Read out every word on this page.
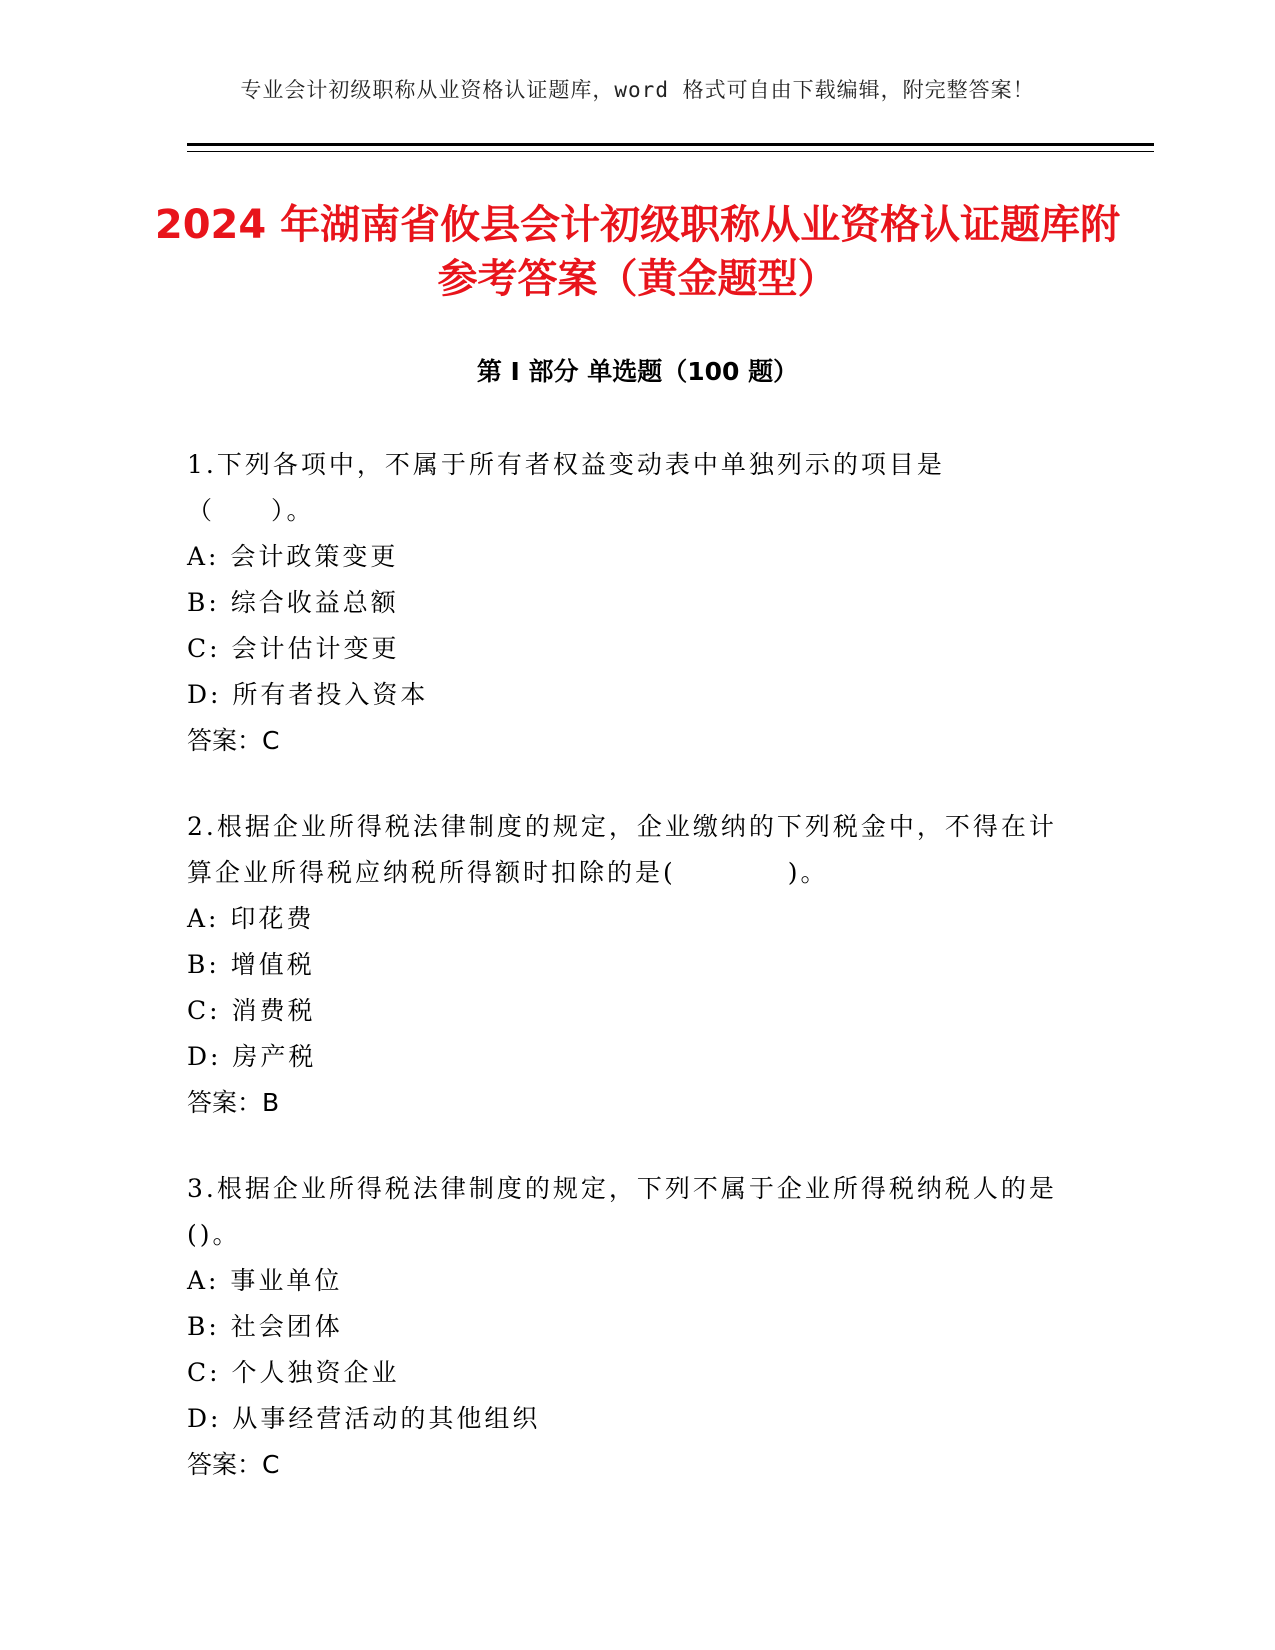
专业会计初级职称从业资格认证题库，word 格式可自由下载编辑，附完整答案！
2024 年湖南省攸县会计初级职称从业资格认证题库附参考答案（黄金题型）
第 I 部分 单选题（100 题）

1.下列各项中，不属于所有者权益变动表中单独列示的项目是（　　）。

A: 会计政策变更

B: 综合收益总额

C: 会计估计变更

D: 所有者投入资本

答案：C

2.根据企业所得税法律制度的规定，企业缴纳的下列税金中，不得在计算企业所得税应纳税所得额时扣除的是(　　　　)。

A: 印花费

B: 增值税

C: 消费税

D: 房产税

答案：B

3.根据企业所得税法律制度的规定，下列不属于企业所得税纳税人的是()。

A: 事业单位

B: 社会团体

C: 个人独资企业

D: 从事经营活动的其他组织

答案：C
